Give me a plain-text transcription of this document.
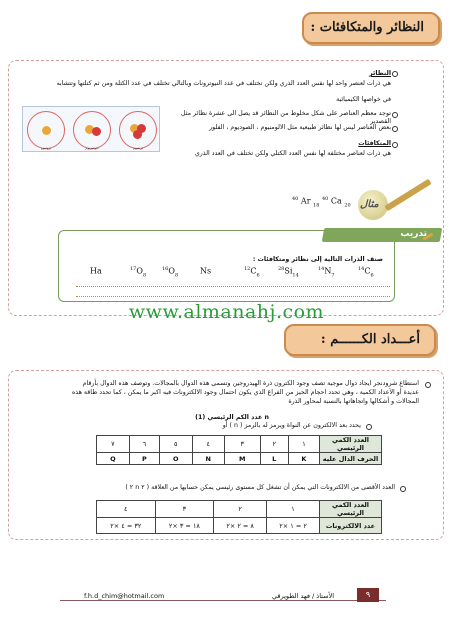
النظائر والمتكافئات :
النظائر
هي ذرات لعنصر واحد لها نفس العدد الذري ولكن تختلف في عدد النيوترونات وبالتالي تختلف في عدد الكتلة ومن ثم كتلتها وتتشابه
في خواصها الكيميائية
توجد معظم العناصر على شكل مخلوط من النظائر قد يصل الى عشرة نظائر مثل القصدير
بعض العناصر ليس لها نظائر طبيعية مثل الالومنيوم ، الصوديوم ، الفلور
المتكافئات
هي ذرات لعناصر مختلفة لها نفس العدد الكتلي ولكن تختلف في العدد الذري
بروتيوم	ديوتيريوم	تريتيوم
$^{40}$ Ar $_{18}$
$^{40}$ Ca $_{20}$ مثال
تدريب
صنف الذرات التالية إلى نظائر ومتكافئات :
$^{14}C_6$
$^{14}N_7$
$^{28}Si_{14}$
$^{12}C_6$
Ns
$^{16}O_8$
$^{17}O_8$
Ha
www.almanahj.com
أعـــداد الكــــــم :
استطاع شرودنجر ايجاد دوال موجية تصف وجود الكترون ذرة الهيدروجين وتسمى هذه الدوال بالمجالات. وتوصف هذه الدوال بأرقام
عديدة أو الأعداد الكمية ، وهي تحدد احجام الحيز من الفراغ الذي يكون احتمال وجود الالكترونات فيه اكبر ما يمكن ، كما تحدد طاقة هذه
المجالات و أشكالها واتجاهاتها بالنسبة لمحاور الذرة
(1) عدد الكم الرئيسي n
يحدد بعد الالكترون عن النواة ويرمز له بالرمز ( n ) أو
العدد الكمي الرئيسي	١	٢	٣	٤	٥	٦	٧
الحرف الدال عليه	K	L	M	N	O	P	Q
العدد الأقصى من الالكترونات التي يمكن أن تشغل كل مستوى رئيسي يمكن حسابها من العلاقة ( ٢ n ٢ )
العدد الكمي الرئيسي	١	٢	٣	٤
عدد الالكترونات	٢ = ١ ×٢	٨ = ٢ ×٢	١٨ = ٣ ×٢	٣٢ = ٤ ×٢
f.h.d_chim@hotmail.com	الأستاذ / فهد الطويرقي	٩
